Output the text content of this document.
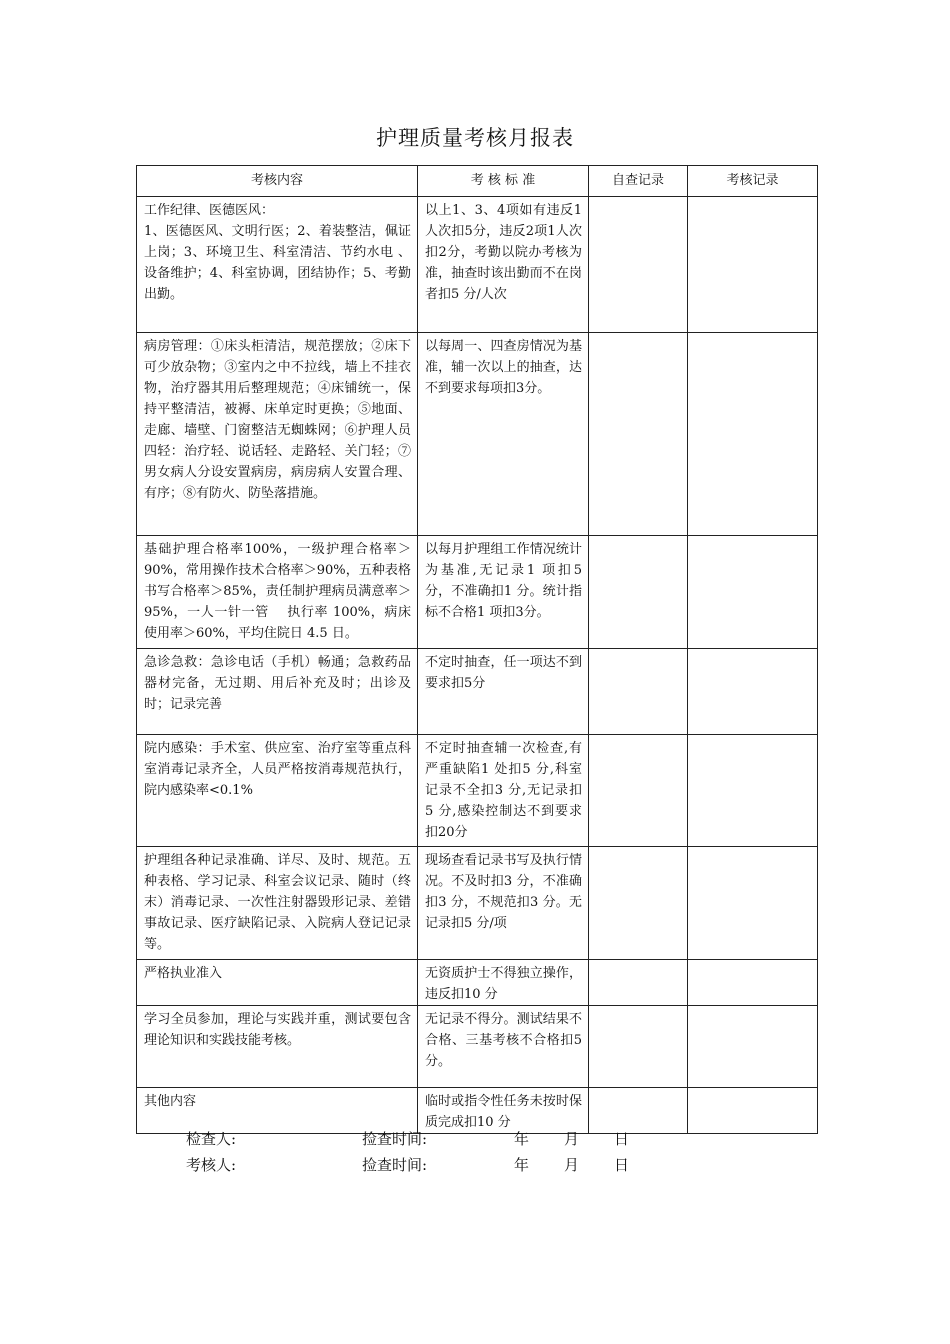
护理质量考核月报表
考核内容	考 核 标 准	自查记录	考核记录

工作纪律、医德医风：
1、医德医风、文明行医；2、着装整洁，佩证上岗；3、环境卫生、科室清洁、节约水电 、设备维护；4、科室协调，团结协作；5、考勤出勤。	以上1、3、4项如有违反1人次扣5分，违反2项1人次扣2分，考勤以院办考核为准，抽查时该出勤而不在岗者扣5 分/人次		

病房管理：①床头柜清洁，规范摆放；②床下可少放杂物；③室内之中不拉线，墙上不挂衣物，治疗器其用后整理规范；④床铺统一，保持平整清洁，被褥、床单定时更换；⑤地面、走廊、墙壁、门窗整洁无蜘蛛网；⑥护理人员四轻：治疗轻、说话轻、走路轻、关门轻；⑦男女病人分设安置病房，病房病人安置合理、有序；⑧有防火、防坠落措施。	以每周一、四查房情况为基准，辅一次以上的抽查，达不到要求每项扣3分。		

基础护理合格率100%，一级护理合格率＞90%，常用操作技术合格率＞90%，五种表格书写合格率＞85%，责任制护理病员满意率＞95%，一人一针一管　 执行率 100%，病床使用率＞60%，平均住院日 4.5 日。	以每月护理组工作情况统计为基准,无记录1 项扣5 分，不准确扣1 分。统计指标不合格1 项扣3分。		

急诊急救：急诊电话（手机）畅通；急救药品器材完备，无过期、用后补充及时；出诊及时；记录完善	不定时抽查，任一项达不到要求扣5分		

院内感染：手术室、供应室、治疗室等重点科室消毒记录齐全，人员严格按消毒规范执行，院内感染率<0.1%	不定时抽查辅一次检查,有严重缺陷1 处扣5 分,科室记录不全扣3 分,无记录扣 5 分,感染控制达不到要求扣20分		

护理组各种记录准确、详尽、及时、规范。五种表格、学习记录、科室会议记录、随时（终末）消毒记录、一次性注射器毁形记录、差错事故记录、医疗缺陷记录、入院病人登记记录等。	现场查看记录书写及执行情况。不及时扣3 分，不准确扣3 分，不规范扣3 分。无记录扣5 分/项		

严格执业准入	无资质护士不得独立操作，违反扣10 分		

学习全员参加，理论与实践并重，测试要包含理论知识和实践技能考核。	无记录不得分。测试结果不合格、三基考核不合格扣5 分。		

其他内容	临时或指令性任务未按时保质完成扣10 分		

检查人:	捡查时间:	年 月 日
考核人:	捡查时间:	年 月 日
